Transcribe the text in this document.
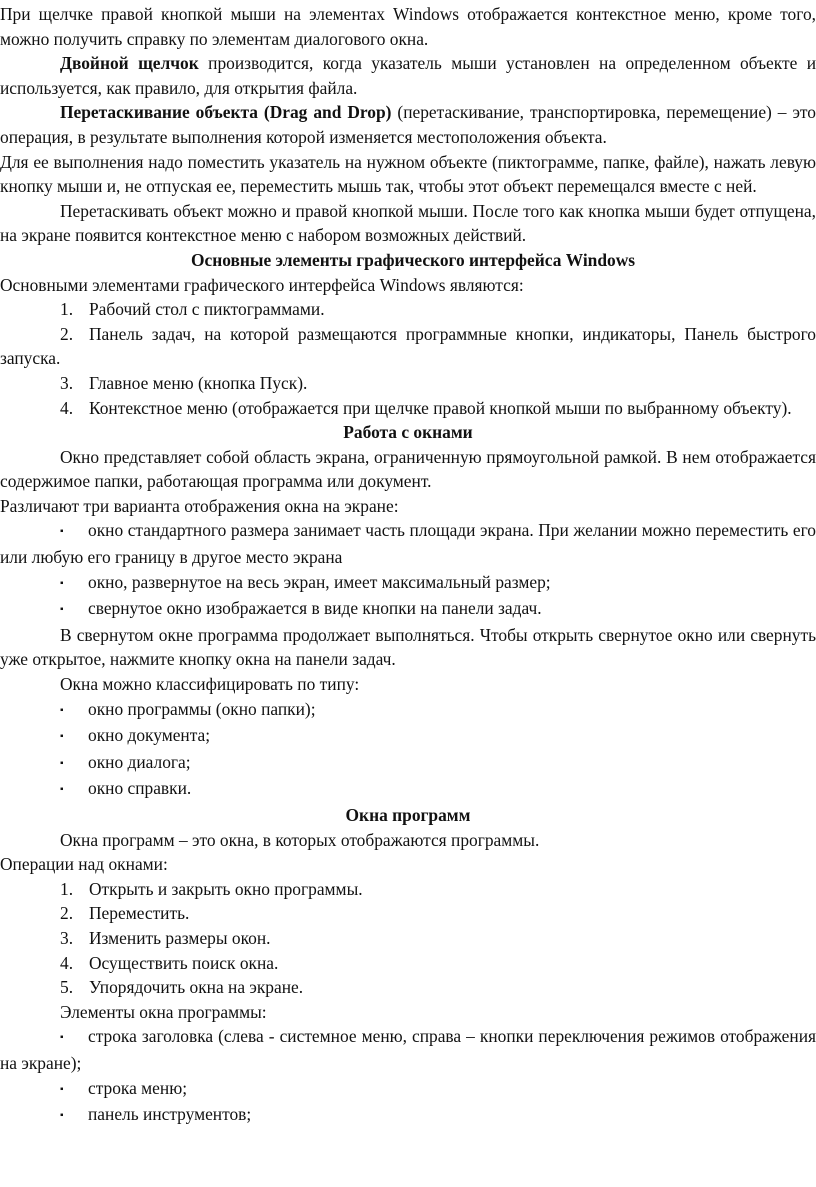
При щелчке правой кнопкой мыши на элементах Windows отображается контекстное меню, кроме того, можно получить справку по элементам диалогового окна.

Двойной щелчок производится, когда указатель мыши установлен на определенном объекте и используется, как правило, для открытия файла.

Перетаскивание объекта (Drag and Drop) (перетаскивание, транспортировка, перемещение) – это операция, в результате выполнения которой изменяется местоположения объекта.

Для ее выполнения надо поместить указатель на нужном объекте (пиктограмме, папке, файле), нажать левую кнопку мыши и, не отпуская ее, переместить мышь так, чтобы этот объект перемещался вместе с ней.

Перетаскивать объект можно и правой кнопкой мыши. После того как кнопка мыши будет отпущена, на экране появится контекстное меню с набором возможных действий.

Основные элементы графического интерфейса Windows

Основными элементами графического интерфейса Windows являются:

1. Рабочий стол с пиктограммами.
2. Панель задач, на которой размещаются программные кнопки, индикаторы, Панель быстрого запуска.
3. Главное меню (кнопка Пуск).
4. Контекстное меню (отображается при щелчке правой кнопкой мыши по выбранному объекту).

Работа с окнами

Окно представляет собой область экрана, ограниченную прямоугольной рамкой. В нем отображается содержимое папки, работающая программа или документ.

Различают три варианта отображения окна на экране:

▪ окно стандартного размера занимает часть площади экрана. При желании можно переместить его или любую его границу в другое место экрана
▪ окно, развернутое на весь экран, имеет максимальный размер;
▪ свернутое окно изображается в виде кнопки на панели задач.

В свернутом окне программа продолжает выполняться. Чтобы открыть свернутое окно или свернуть уже открытое, нажмите кнопку окна на панели задач.

Окна можно классифицировать по типу:

▪ окно программы (окно папки);
▪ окно документа;
▪ окно диалога;
▪ окно справки.

Окна программ

Окна программ – это окна, в которых отображаются программы.

Операции над окнами:

1. Открыть и закрыть окно программы.
2. Переместить.
3. Изменить размеры окон.
4. Осуществить поиск окна.
5. Упорядочить окна на экране.

Элементы окна программы:

▪ строка заголовка (слева - системное меню, справа – кнопки переключения режимов отображения на экране);
▪ строка меню;
▪ панель инструментов;
